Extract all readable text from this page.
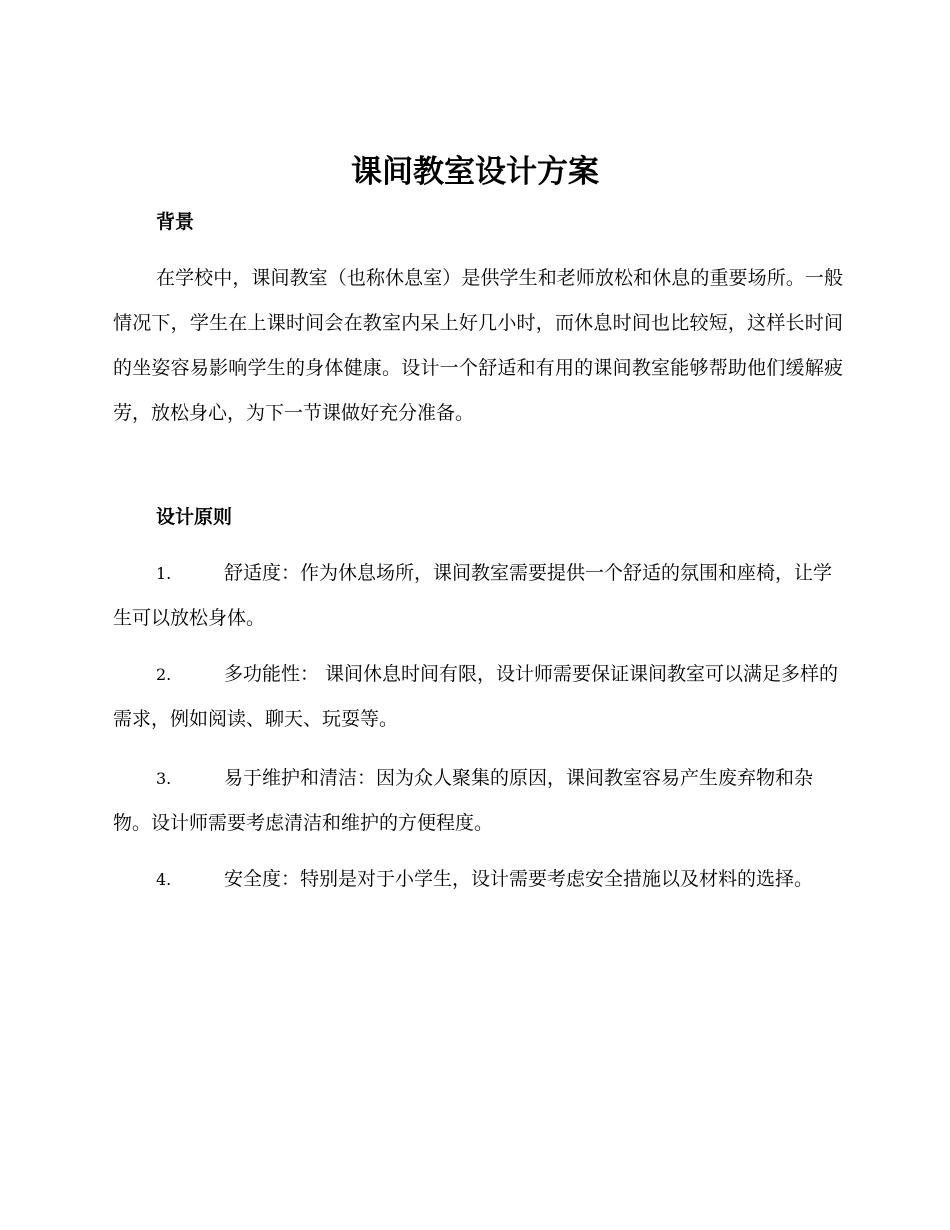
课间教室设计方案
背景

在学校中，课间教室（也称休息室）是供学生和老师放松和休息的重要场所。一般情况下，学生在上课时间会在教室内呆上好几小时，而休息时间也比较短，这样长时间的坐姿容易影响学生的身体健康。设计一个舒适和有用的课间教室能够帮助他们缓解疲劳，放松身心，为下一节课做好充分准备。

设计原则

1.	舒适度：作为休息场所，课间教室需要提供一个舒适的氛围和座椅，让学生可以放松身体。

2.	多功能性： 课间休息时间有限，设计师需要保证课间教室可以满足多样的需求，例如阅读、聊天、玩耍等。

3.	易于维护和清洁：因为众人聚集的原因，课间教室容易产生废弃物和杂物。设计师需要考虑清洁和维护的方便程度。

4.	安全度：特别是对于小学生，设计需要考虑安全措施以及材料的选择。
